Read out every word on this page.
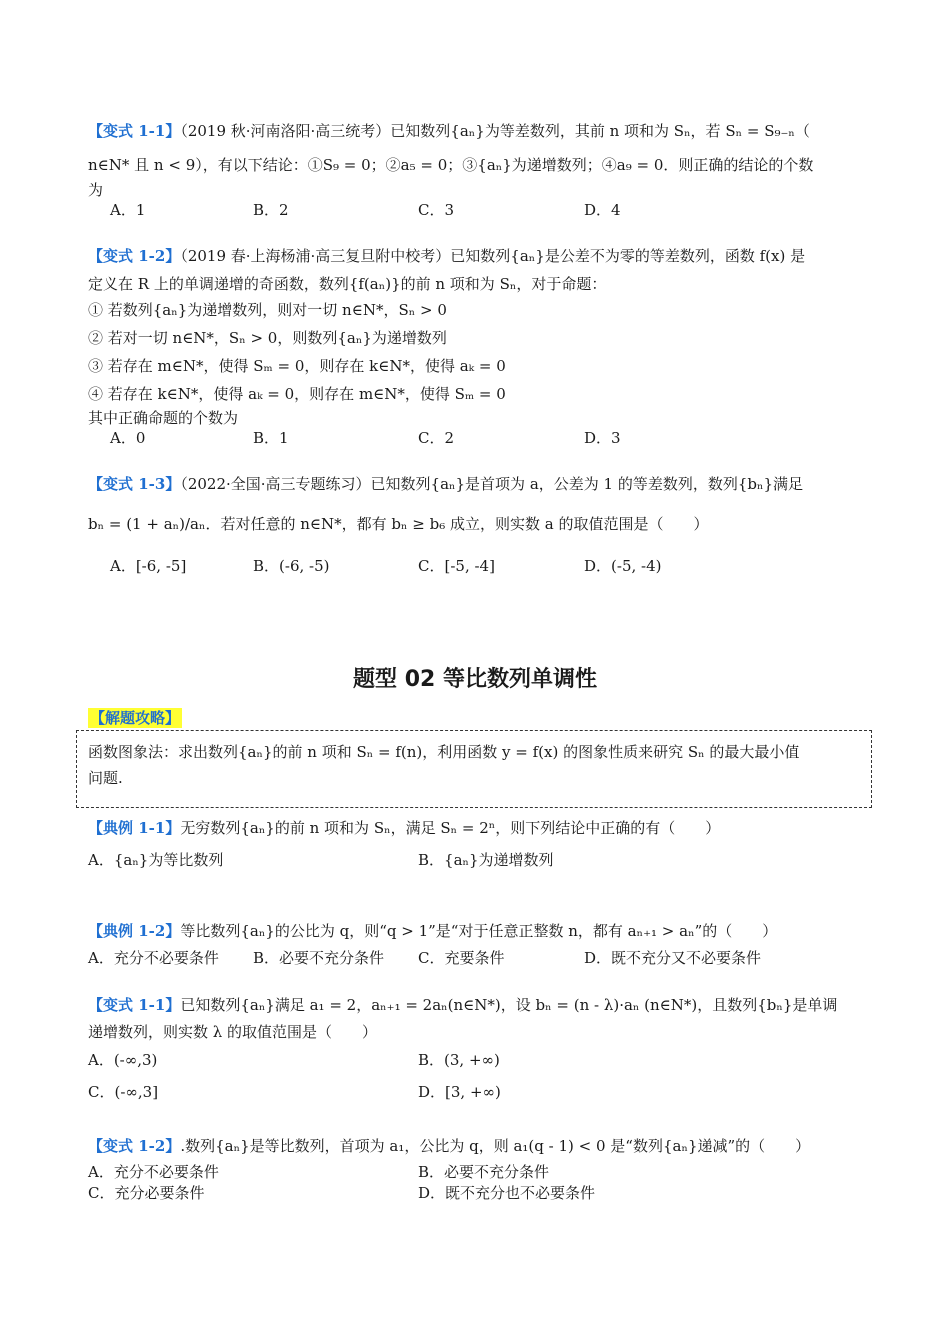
【变式 1-1】（2019 秋·河南洛阳·高三统考）已知数列{aₙ}为等差数列，其前 n 项和为 Sₙ，若 Sₙ = S₉₋ₙ（
n∈N* 且 n < 9），有以下结论：①S₉ = 0；②a₅ = 0；③{aₙ}为递增数列；④a₉ = 0．则正确的结论的个数
为
A．1	B．2	C．3	D．4
【变式 1-2】（2019 春·上海杨浦·高三复旦附中校考）已知数列{aₙ}是公差不为零的等差数列，函数 f(x) 是
定义在 R 上的单调递增的奇函数，数列{f(aₙ)}的前 n 项和为 Sₙ，对于命题：
① 若数列{aₙ}为递增数列，则对一切 n∈N*，Sₙ > 0
② 若对一切 n∈N*，Sₙ > 0，则数列{aₙ}为递增数列
③ 若存在 m∈N*，使得 Sₘ = 0，则存在 k∈N*，使得 aₖ = 0
④ 若存在 k∈N*，使得 aₖ = 0，则存在 m∈N*，使得 Sₘ = 0
其中正确命题的个数为
A．0	B．1	C．2	D．3
【变式 1-3】（2022·全国·高三专题练习）已知数列{aₙ}是首项为 a，公差为 1 的等差数列，数列{bₙ}满足
bₙ = (1 + aₙ)/aₙ．若对任意的 n∈N*，都有 bₙ ≥ b₆ 成立，则实数 a 的取值范围是（　　）
A．[-6, -5]	B．(-6, -5)	C．[-5, -4]	D．(-5, -4)
题型 02 等比数列单调性
【解题攻略】
函数图象法：求出数列{aₙ}的前 n 项和 Sₙ = f(n)，利用函数 y = f(x) 的图象性质来研究 Sₙ 的最大最小值
问题.
【典例 1-1】无穷数列{aₙ}的前 n 项和为 Sₙ，满足 Sₙ = 2ⁿ，则下列结论中正确的有（　　）
A．{aₙ}为等比数列	B．{aₙ}为递增数列
【典例 1-2】等比数列{aₙ}的公比为 q，则“q > 1”是“对于任意正整数 n，都有 aₙ₊₁ > aₙ”的（　　）
A．充分不必要条件 B．必要不充分条件 C．充要条件	D．既不充分又不必要条件
【变式 1-1】已知数列{aₙ}满足 a₁ = 2，aₙ₊₁ = 2aₙ(n∈N*)，设 bₙ = (n - λ)·aₙ (n∈N*)，且数列{bₙ}是单调
递增数列，则实数 λ 的取值范围是（　　）
A．(-∞,3)	B．(3, +∞)
C．(-∞,3]	D．[3, +∞)
【变式 1-2】.数列{aₙ}是等比数列，首项为 a₁，公比为 q，则 a₁(q - 1) < 0 是“数列{aₙ}递减”的（　　）
A．充分不必要条件	B．必要不充分条件
C．充分必要条件	D．既不充分也不必要条件
